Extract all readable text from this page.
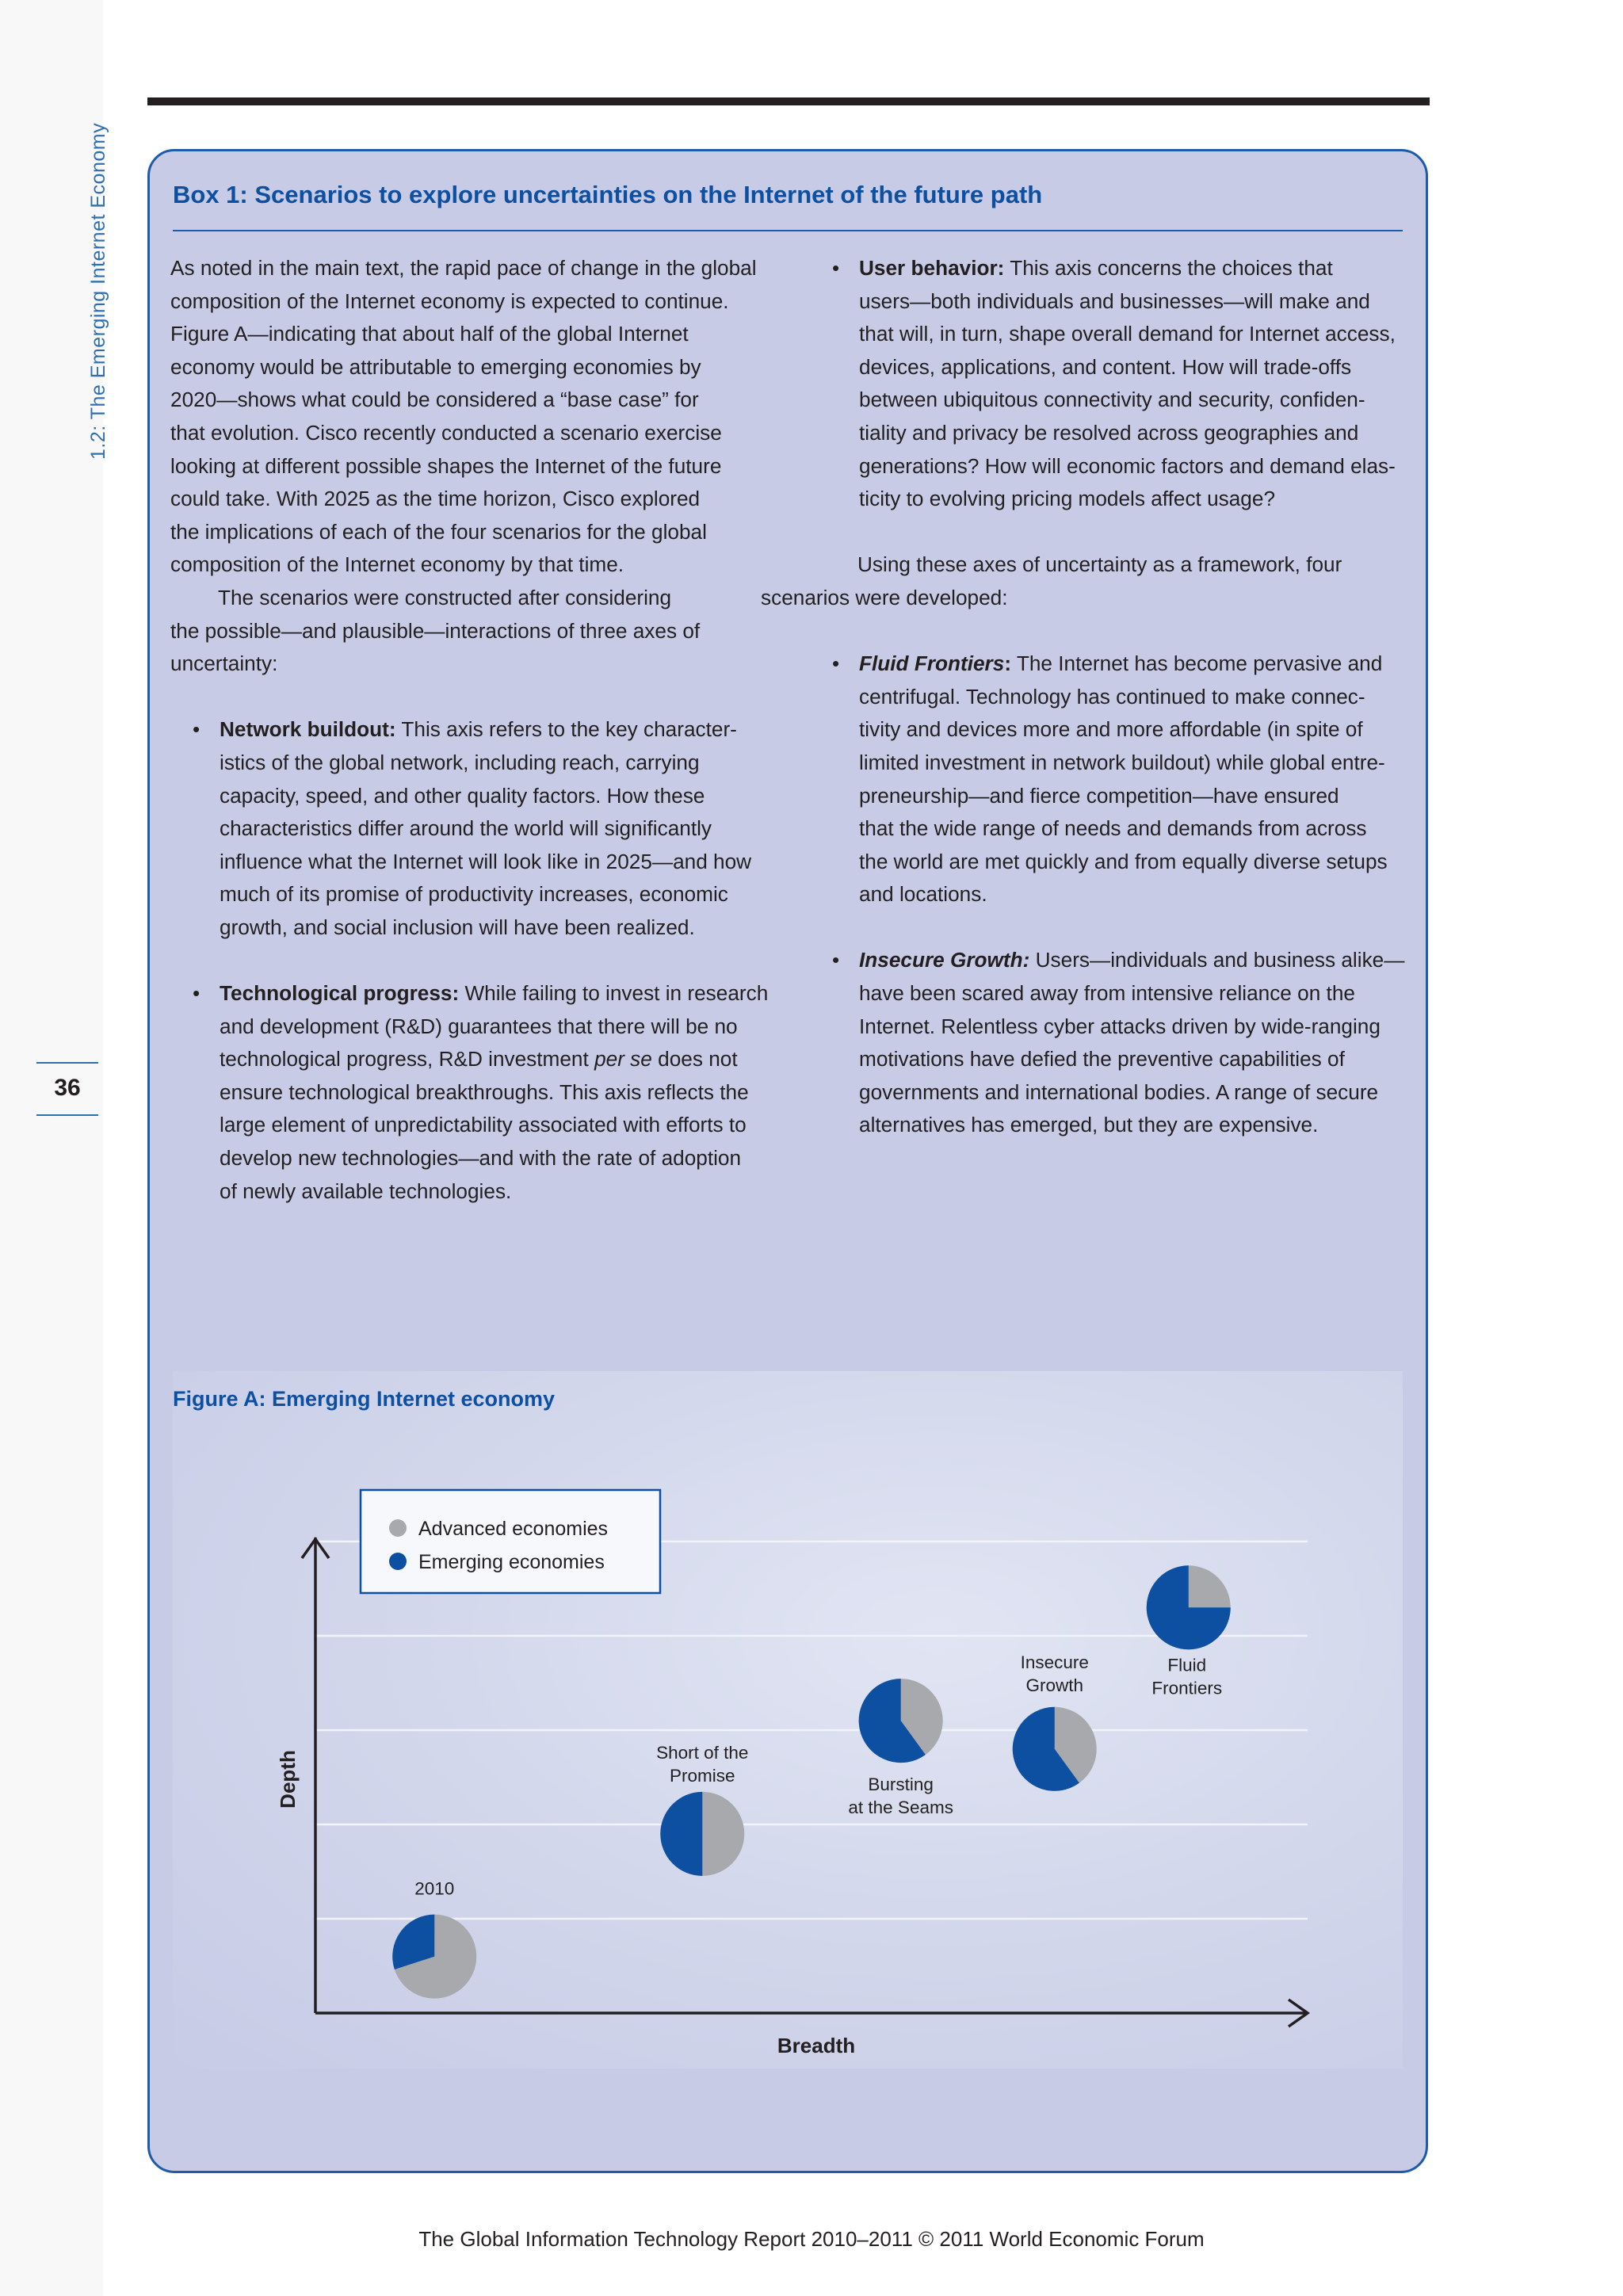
1.2: The Emerging Internet Economy
36
Box 1: Scenarios to explore uncertainties on the Internet of the future path
As noted in the main text, the rapid pace of change in the global
composition of the Internet economy is expected to continue.
Figure A—indicating that about half of the global Internet
economy would be attributable to emerging economies by
2020—shows what could be considered a “base case” for
that evolution. Cisco recently conducted a scenario exercise
looking at different possible shapes the Internet of the future
could take. With 2025 as the time horizon, Cisco explored
the implications of each of the four scenarios for the global
composition of the Internet economy by that time.
The scenarios were constructed after considering
the possible—and plausible—interactions of three axes of
uncertainty:
• Network buildout: This axis refers to the key character-
istics of the global network, including reach, carrying
capacity, speed, and other quality factors. How these
characteristics differ around the world will significantly
influence what the Internet will look like in 2025—and how
much of its promise of productivity increases, economic
growth, and social inclusion will have been realized.
• Technological progress: While failing to invest in research
and development (R&D) guarantees that there will be no
technological progress, R&D investment per se does not
ensure technological breakthroughs. This axis reflects the
large element of unpredictability associated with efforts to
develop new technologies—and with the rate of adoption
of newly available technologies.
• User behavior: This axis concerns the choices that
users—both individuals and businesses—will make and
that will, in turn, shape overall demand for Internet access,
devices, applications, and content. How will trade-offs
between ubiquitous connectivity and security, confiden-
tiality and privacy be resolved across geographies and
generations? How will economic factors and demand elas-
ticity to evolving pricing models affect usage?
Using these axes of uncertainty as a framework, four
scenarios were developed:
• Fluid Frontiers: The Internet has become pervasive and
centrifugal. Technology has continued to make connec-
tivity and devices more and more affordable (in spite of
limited investment in network buildout) while global entre-
preneurship—and fierce competition—have ensured
that the wide range of needs and demands from across
the world are met quickly and from equally diverse setups
and locations.
• Insecure Growth: Users—individuals and business alike—
have been scared away from intensive reliance on the
Internet. Relentless cyber attacks driven by wide-ranging
motivations have defied the preventive capabilities of
governments and international bodies. A range of secure
alternatives has emerged, but they are expensive.
Figure A: Emerging Internet economy
Breadth
Depth
Advanced economies
Emerging economies
2010
Short of the
Promise	Bursting
at the Seams
Insecure
Growth
Fluid
Frontiers
The Global Information Technology Report 2010–2011 © 2011 World Economic Forum
